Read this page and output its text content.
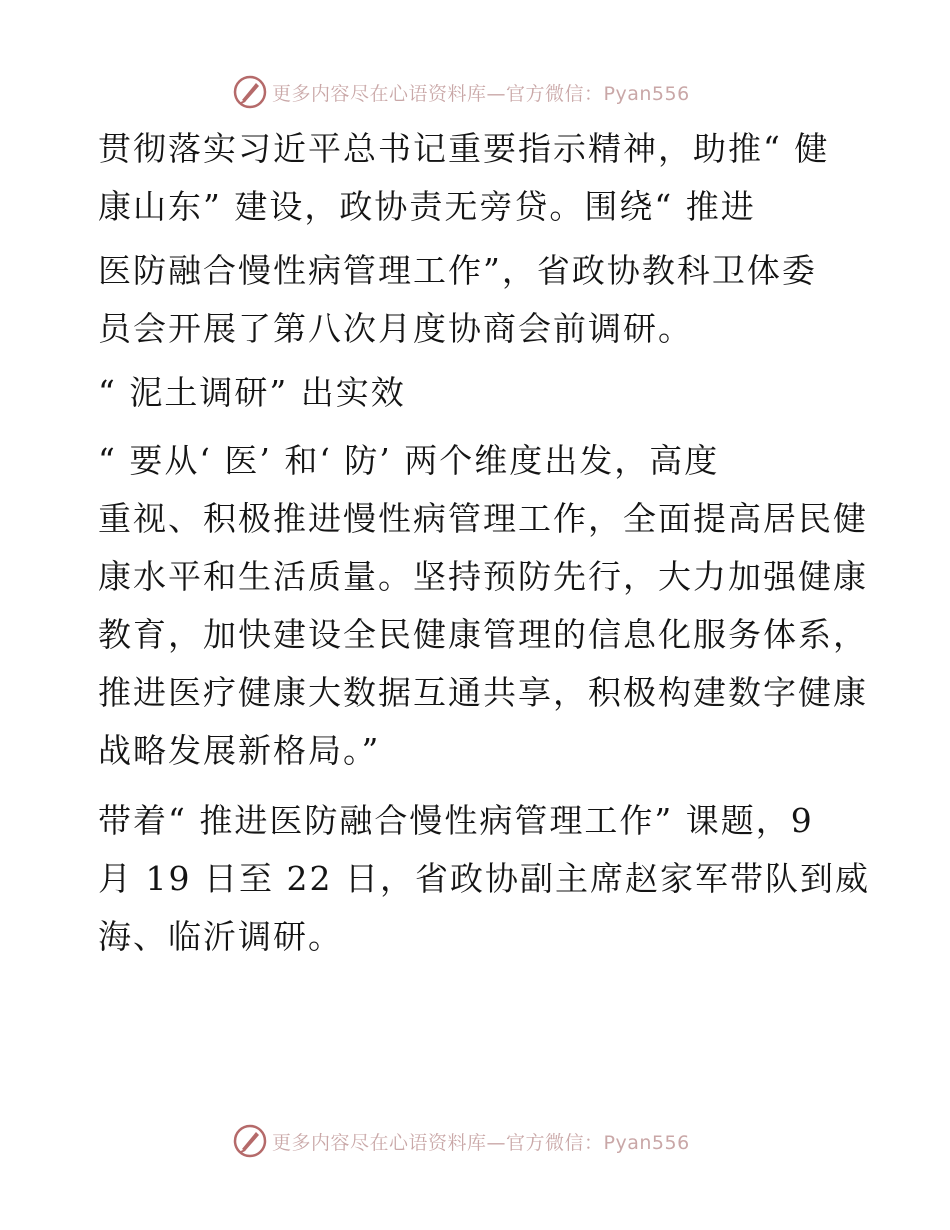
更多内容尽在心语资料库—官方微信：Pyan556

贯彻落实习近平总书记重要指示精神，助推“ 健
康山东” 建设，政协责无旁贷。围绕“ 推进

医防融合慢性病管理工作”，省政协教科卫体委
员会开展了第八次月度协商会前调研。

“ 泥土调研” 出实效

“ 要从‘ 医’ 和‘ 防’ 两个维度出发，高度
重视、积极推进慢性病管理工作，全面提高居民健
康水平和生活质量。坚持预防先行，大力加强健康
教育，加快建设全民健康管理的信息化服务体系，
推进医疗健康大数据互通共享，积极构建数字健康
战略发展新格局。”

带着“ 推进医防融合慢性病管理工作” 课题，9
月 19 日至 22 日，省政协副主席赵家军带队到威
海、临沂调研。

更多内容尽在心语资料库—官方微信：Pyan556
